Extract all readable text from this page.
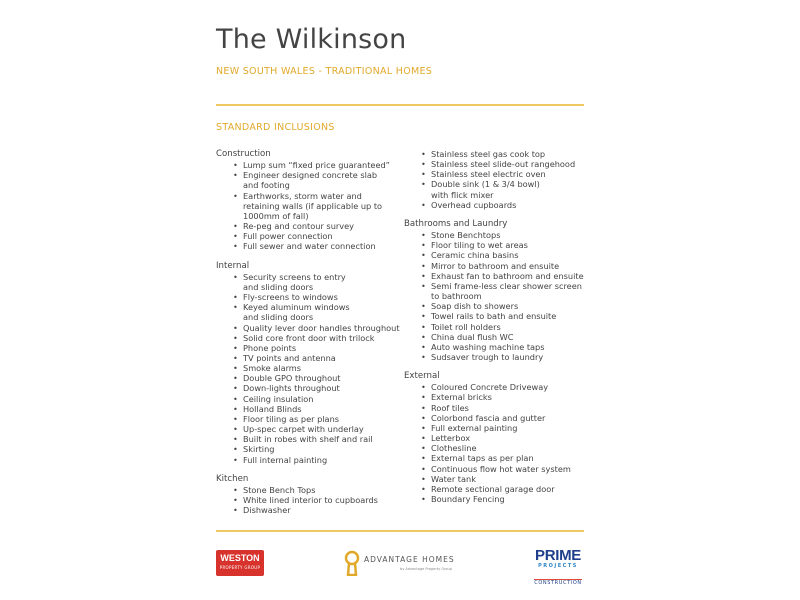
The Wilkinson
NEW SOUTH WALES - TRADITIONAL HOMES
STANDARD INCLUSIONS
Construction
• Lump sum “fixed price guaranteed”
• Engineer designed concrete slab
and footing
• Earthworks, storm water and
retaining walls (if applicable up to
1000mm of fall)
• Re-peg and contour survey
• Full power connection
• Full sewer and water connection
Internal
• Security screens to entry
and sliding doors
• Fly-screens to windows
• Keyed aluminum windows
and sliding doors
• Quality lever door handles throughout
• Solid core front door with trilock
• Phone points
• TV points and antenna
• Smoke alarms
• Double GPO throughout
• Down-lights throughout
• Ceiling insulation
• Holland Blinds
• Floor tiling as per plans
• Up-spec carpet with underlay
• Built in robes with shelf and rail
• Skirting
• Full internal painting
Kitchen
• Stone Bench Tops
• White lined interior to cupboards
• Dishwasher
• Stainless steel gas cook top
• Stainless steel slide-out rangehood
• Stainless steel electric oven
• Double sink (1 & 3/4 bowl)
with flick mixer
• Overhead cupboards
Bathrooms and Laundry
• Stone Benchtops
• Floor tiling to wet areas
• Ceramic china basins
• Mirror to bathroom and ensuite
• Exhaust fan to bathroom and ensuite
• Semi frame-less clear shower screen
to bathroom
• Soap dish to showers
• Towel rails to bath and ensuite
• Toilet roll holders
• China dual flush WC
• Auto washing machine taps
• Sudsaver trough to laundry
External
• Coloured Concrete Driveway
• External bricks
• Roof tiles
• Colorbond fascia and gutter
• Full external painting
• Letterbox
• Clothesline
• External taps as per plan
• Continuous flow hot water system
• Water tank
• Remote sectional garage door
• Boundary Fencing
WESTON
PROPERTY GROUP
ADVANTAGE HOMES
by Advantage Property Group
PRIME
PROJECTS
CONSTRUCTION
